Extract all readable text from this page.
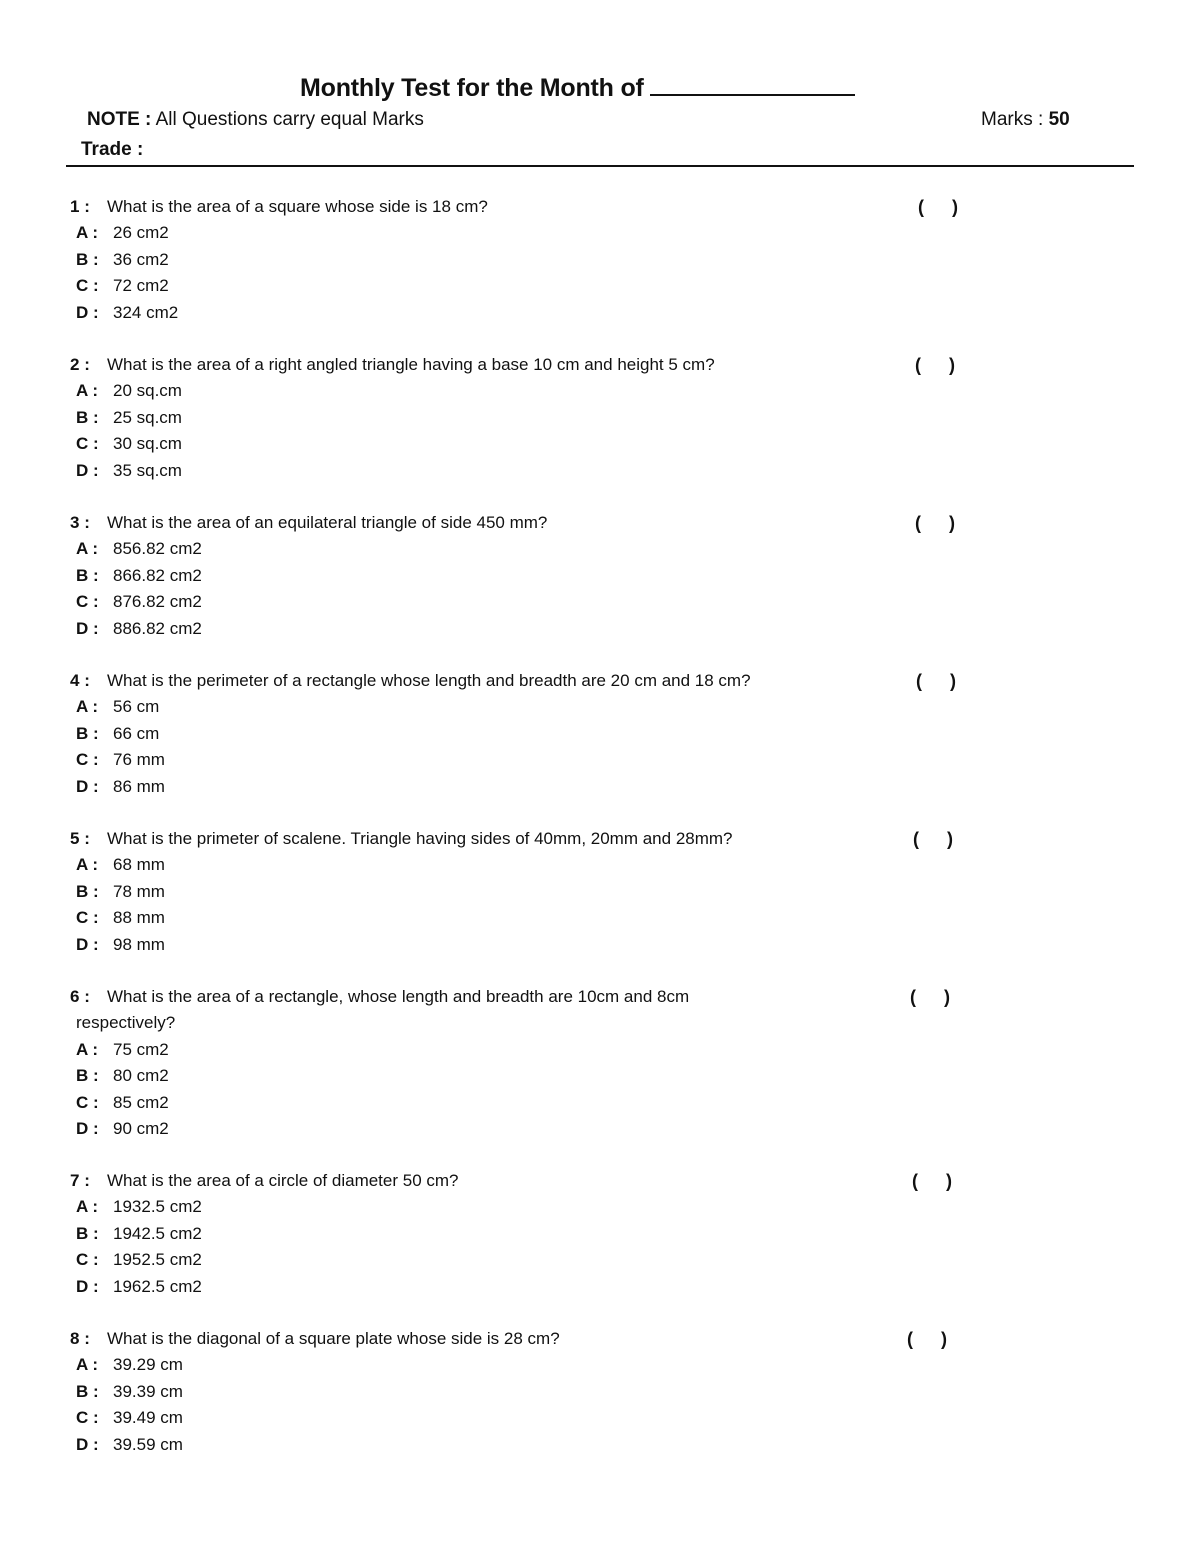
Monthly Test for the Month of
NOTE : All Questions carry equal Marks	Marks : 50
Trade :
1 : What is the area of a square whose side is 18 cm?	( )
A : 26 cm2
B : 36 cm2
C : 72 cm2
D : 324 cm2
2 : What is the area of a right angled triangle having a base 10 cm and height 5 cm?	( )
A : 20 sq.cm
B : 25 sq.cm
C : 30 sq.cm
D : 35 sq.cm
3 : What is the area of an equilateral triangle of side 450 mm?	( )
A : 856.82 cm2
B : 866.82 cm2
C : 876.82 cm2
D : 886.82 cm2
4 : What is the perimeter of a rectangle whose length and breadth are 20 cm and 18 cm?	( )
A : 56 cm
B : 66 cm
C : 76 mm
D : 86 mm
5 : What is the primeter of scalene. Triangle having sides of 40mm, 20mm and 28mm?	( )
A : 68 mm
B : 78 mm
C : 88 mm
D : 98 mm
6 : What is the area of a rectangle, whose length and breadth are 10cm and 8cm	( )
respectively?
A : 75 cm2
B : 80 cm2
C : 85 cm2
D : 90 cm2
7 : What is the area of a circle of diameter 50 cm?	( )
A : 1932.5 cm2
B : 1942.5 cm2
C : 1952.5 cm2
D : 1962.5 cm2
8 : What is the diagonal of a square plate whose side is 28 cm?	( )
A : 39.29 cm
B : 39.39 cm
C : 39.49 cm
D : 39.59 cm
